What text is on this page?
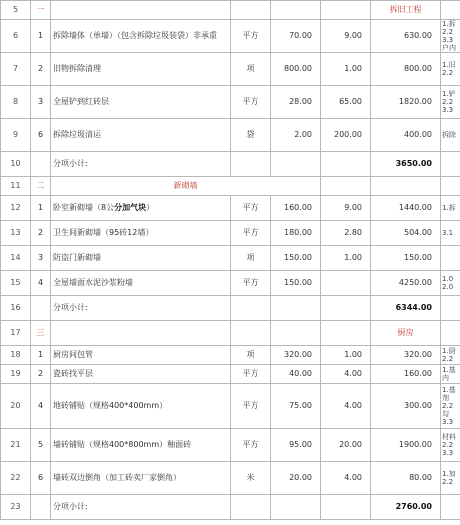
5	一					拆旧工程	
6	1	拆除墙体（单墙）（包含拆除垃圾装袋）非承重	平方	70.00	9.00	630.00	1.拆 2.2 3.3 户内
7	2	旧物拆除清理	项	800.00	1.00	800.00	1.旧 2.2
8	3	全屋铲到红砖层	平方	28.00	65.00	1820.00	1.铲 2.2 3.3
9	6	拆除垃圾清运	袋	2.00	200.00	400.00	拆除
10		分项小计:				3650.00	
11	二	新砌墙					
12	1	卧室新砌墙（8公分加气块）	平方	160.00	9.00	1440.00	1.拆
13	2	卫生间新砌墙（95砖12墙）	平方	180.00	2.80	504.00	3.1
14	3	防盗门新砌墙	项	150.00	1.00	150.00	
15	4	全屋墙面水泥沙浆粉墙	平方	150.00		4250.00	1.0 2.0
16		分项小计:				6344.00	
17	三					厨房	
18	1	厨房间包管	项	320.00	1.00	320.00	1.厨 2.2
19	2	瓷砖找平层	平方	40.00	4.00	160.00	1.基 内
20	4	地砖铺贴（规格400*400mm）	平方	75.00	4.00	300.00	1.基 剂 2.2 勾 3.3
21	5	墙砖铺贴（规格400*800mm）釉面砖	平方	95.00	20.00	1900.00	材料 2.2 3.3
22	6	墙砖双边倒角（加工砖卖厂家倒角）	米	20.00	4.00	80.00	1.加 2.2
23		分项小计:				2760.00	
